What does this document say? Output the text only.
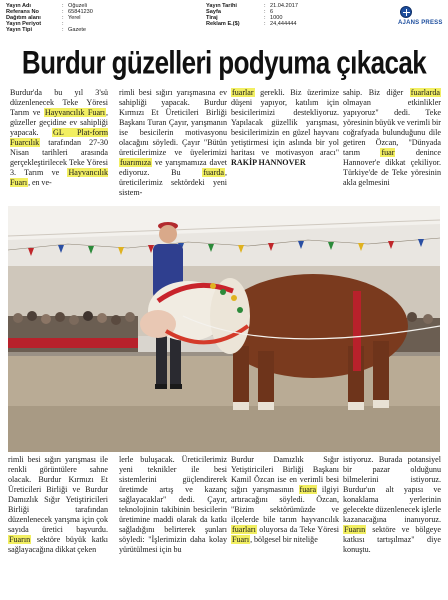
Yayın Adı	: Oğuzeli
Referans No	: 65841230
Dağıtım alanı	: Yerel
Yayın Periyot	:
Yayın Tipi	: Gazete
Yayın Tarihi	: 21.04.2017
Sayfa	: 6
Tiraj	: 1000
Reklam E.($)	: 24,444444	AJANS PRESS
Burdur güzelleri podyuma çıkacak
Burdur'da bu yıl 3'sü düzenlenecek Teke Yöresi Tarım ve Hayvancılık Fuarı, güzeller geçidine ev sahipliği yapacak. GL Plat-form Fuarcılık tarafından 27-30 Nisan tarihleri arasında gerçekleştirilecek Teke Yöresi 3. Tarım ve Hayvancılık Fuarı, en ve-
rimli besi sığırı yarışmasına ev sahipliği yapacak. Burdur Kırmızı Et Üreticileri Birliği Başkanı Turan Çayır, yarışmanın ise besicilerin motivasyonu olacağını söyledi. Çayır "Bütün üreticilerimize ve üyelerimizi fuarımıza ve yarışmamıza davet ediyoruz. Bu fuarda, üreticilerimiz sektördeki yeni sistem-
fuarlar gerekli. Biz üzerimize düşeni yapıyor, katılım için besicilerimizi destekliyoruz. Yapılacak güzellik yarışması, besicilerimizin en güzel hayvanı yetiştirmesi için aslında bir yol haritası ve motivasyon aracı" RAKİP HANNOVER
sahip. Biz diğer fuarlarda olmayan etkinlikler yapıyoruz" dedi. Teke yöresinin büyük ve verimli bir coğrafyada bulunduğunu dile getiren Özcan, "Dünyada tarım fuar denince Hannover'e dikkat çekiliyor. Türkiye'de de Teke yöresinin akla gelmesini
rimli besi sığırı yarışması ile renkli görüntülere sahne olacak. Burdur Kırmızı Et Üreticileri Birliği ve Burdur Damızlık Sığır Yetiştiricileri Birliği tarafından düzenlenecek yarışma için çok sayıda üretici başvurdu. Fuarın sektöre büyük katkı sağlayacağına dikkat çeken
lerle buluşacak. Üreticilerimiz yeni teknikler ile besi sistemlerini güçlendirerek üretimde artış ve kazanç sağlayacaklar" dedi. Çayır, teknolojinin takibinin besicilerin üretimine maddi olarak da katkı sağladığını belirterek şunları söyledi: "İşlerimizin daha kolay yürütülmesi için bu
Burdur Damızlık Sığır Yetiştiricileri Birliği Başkanı Kamil Özcan ise en verimli besi sığırı yarışmasının fuara ilgiyi artıracağını söyledi. Özcan, "Bizim sektörümüzde ve ilçelerde bile tarım hayvancılık fuarları oluyorsa da Teke Yöresi Fuarı, bölgesel bir niteliğe
istiyoruz. Burada potansiyel bir pazar olduğunu bilmelerini istiyoruz. Burdur'un alt yapısı ve konaklama yerlerinin gelecekte düzenlenecek işlerle kazanacağına inanıyoruz. Fuarın sektöre ve bölgeye katkısı tartışılmaz" diye konuştu.
